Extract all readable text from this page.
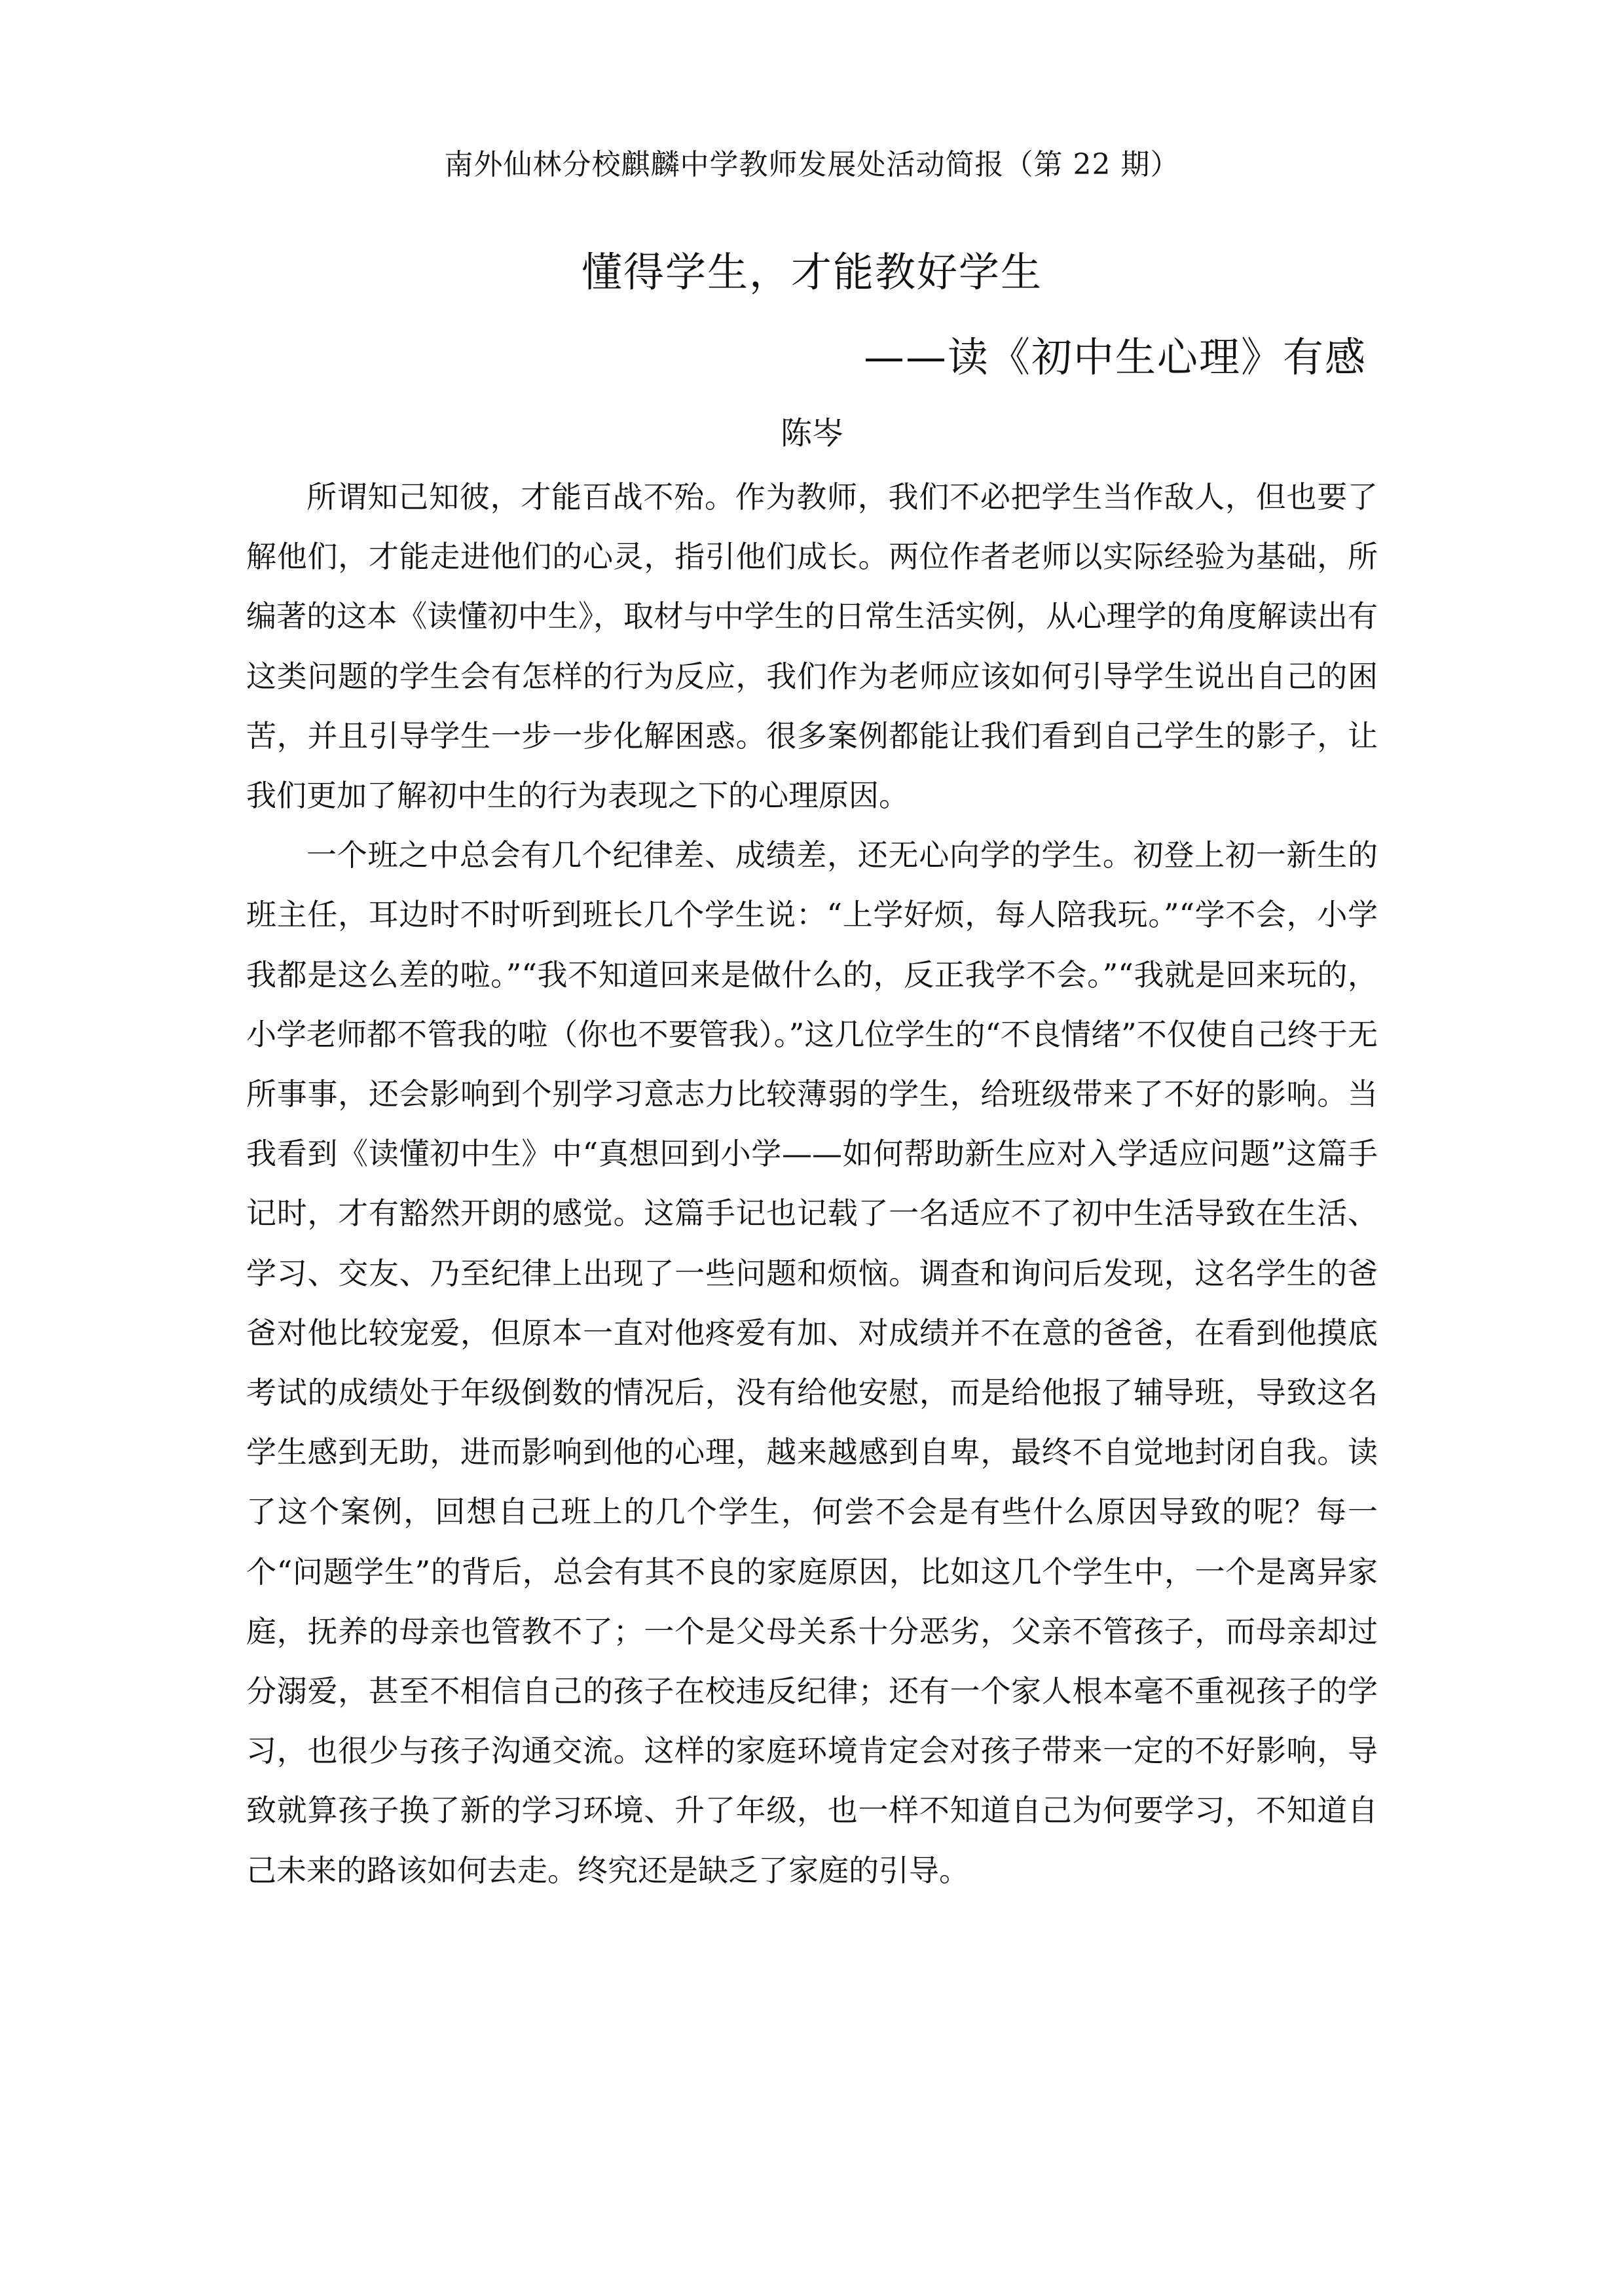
南外仙林分校麒麟中学教师发展处活动简报（第 22 期）
懂得学生，才能教好学生
——读《初中生心理》有感
陈岑

所谓知己知彼，才能百战不殆。作为教师，我们不必把学生当作敌人，但也要了解他们，才能走进他们的心灵，指引他们成长。两位作者老师以实际经验为基础，所编著的这本《读懂初中生》，取材与中学生的日常生活实例，从心理学的角度解读出有这类问题的学生会有怎样的行为反应，我们作为老师应该如何引导学生说出自己的困苦，并且引导学生一步一步化解困惑。很多案例都能让我们看到自己学生的影子，让我们更加了解初中生的行为表现之下的心理原因。

一个班之中总会有几个纪律差、成绩差，还无心向学的学生。初登上初一新生的班主任，耳边时不时听到班长几个学生说：“上学好烦，每人陪我玩。”“学不会，小学我都是这么差的啦。”“我不知道回来是做什么的，反正我学不会。”“我就是回来玩的，小学老师都不管我的啦（你也不要管我）。”这几位学生的“不良情绪”不仅使自己终于无所事事，还会影响到个别学习意志力比较薄弱的学生，给班级带来了不好的影响。当我看到《读懂初中生》中“真想回到小学——如何帮助新生应对入学适应问题”这篇手记时，才有豁然开朗的感觉。这篇手记也记载了一名适应不了初中生活导致在生活、学习、交友、乃至纪律上出现了一些问题和烦恼。调查和询问后发现，这名学生的爸爸对他比较宠爱，但原本一直对他疼爱有加、对成绩并不在意的爸爸，在看到他摸底考试的成绩处于年级倒数的情况后，没有给他安慰，而是给他报了辅导班，导致这名学生感到无助，进而影响到他的心理，越来越感到自卑，最终不自觉地封闭自我。读了这个案例，回想自己班上的几个学生，何尝不会是有些什么原因导致的呢？每一个“问题学生”的背后，总会有其不良的家庭原因，比如这几个学生中，一个是离异家庭，抚养的母亲也管教不了；一个是父母关系十分恶劣，父亲不管孩子，而母亲却过分溺爱，甚至不相信自己的孩子在校违反纪律；还有一个家人根本毫不重视孩子的学习，也很少与孩子沟通交流。这样的家庭环境肯定会对孩子带来一定的不好影响，导致就算孩子换了新的学习环境、升了年级，也一样不知道自己为何要学习，不知道自己未来的路该如何去走。终究还是缺乏了家庭的引导。
